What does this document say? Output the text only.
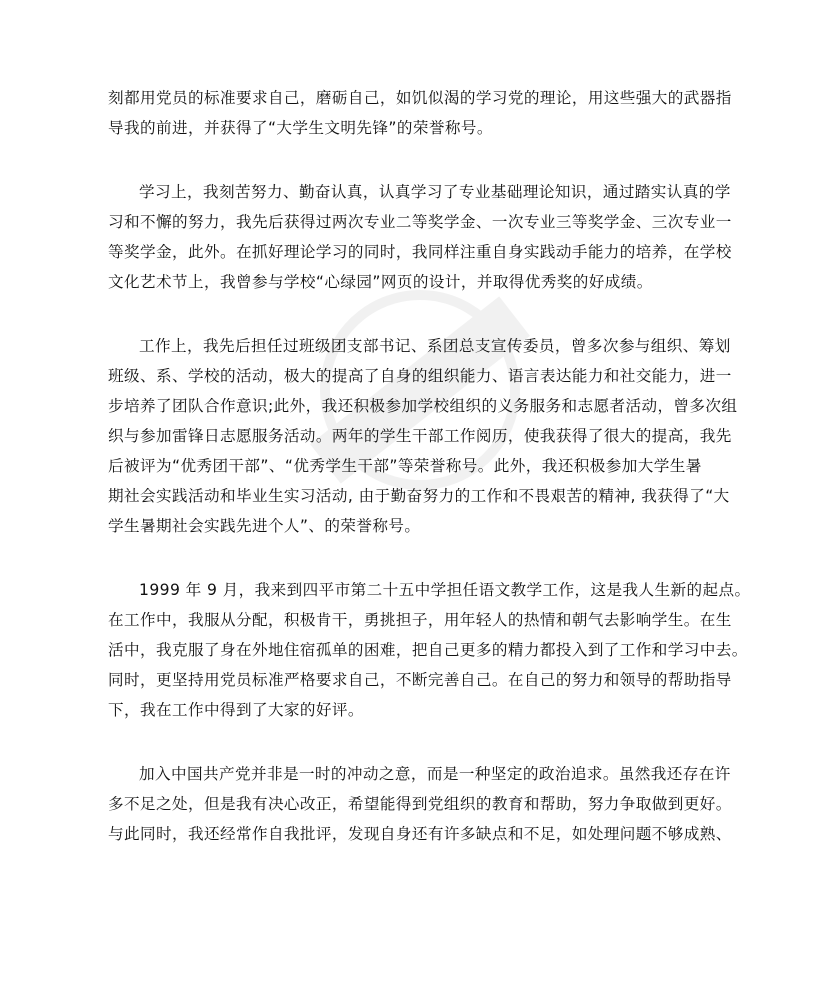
刻都用党员的标准要求自己，磨砺自己，如饥似渴的学习党的理论，用这些强大的武器指
导我的前进，并获得了“大学生文明先锋”的荣誉称号。

学习上，我刻苦努力、勤奋认真，认真学习了专业基础理论知识，通过踏实认真的学
习和不懈的努力，我先后获得过两次专业二等奖学金、一次专业三等奖学金、三次专业一
等奖学金，此外。在抓好理论学习的同时，我同样注重自身实践动手能力的培养，在学校
文化艺术节上，我曾参与学校“心绿园”网页的设计，并取得优秀奖的好成绩。

工作上，我先后担任过班级团支部书记、系团总支宣传委员，曾多次参与组织、筹划
班级、系、学校的活动，极大的提高了自身的组织能力、语言表达能力和社交能力，进一
步培养了团队合作意识;此外，我还积极参加学校组织的义务服务和志愿者活动，曾多次组
织与参加雷锋日志愿服务活动。两年的学生干部工作阅历，使我获得了很大的提高，我先
后被评为“优秀团干部”、“优秀学生干部”等荣誉称号。此外，我还积极参加大学生暑
期社会实践活动和毕业生实习活动, 由于勤奋努力的工作和不畏艰苦的精神, 我获得了“大
学生暑期社会实践先进个人”、的荣誉称号。

1999 年 9 月，我来到四平市第二十五中学担任语文教学工作，这是我人生新的起点。
在工作中，我服从分配，积极肯干，勇挑担子，用年轻人的热情和朝气去影响学生。在生
活中，我克服了身在外地住宿孤单的困难，把自己更多的精力都投入到了工作和学习中去。
同时，更坚持用党员标准严格要求自己，不断完善自己。在自己的努力和领导的帮助指导
下，我在工作中得到了大家的好评。

加入中国共产党并非是一时的冲动之意，而是一种坚定的政治追求。虽然我还存在许
多不足之处，但是我有决心改正，希望能得到党组织的教育和帮助，努力争取做到更好。
与此同时，我还经常作自我批评，发现自身还有许多缺点和不足，如处理问题不够成熟、
